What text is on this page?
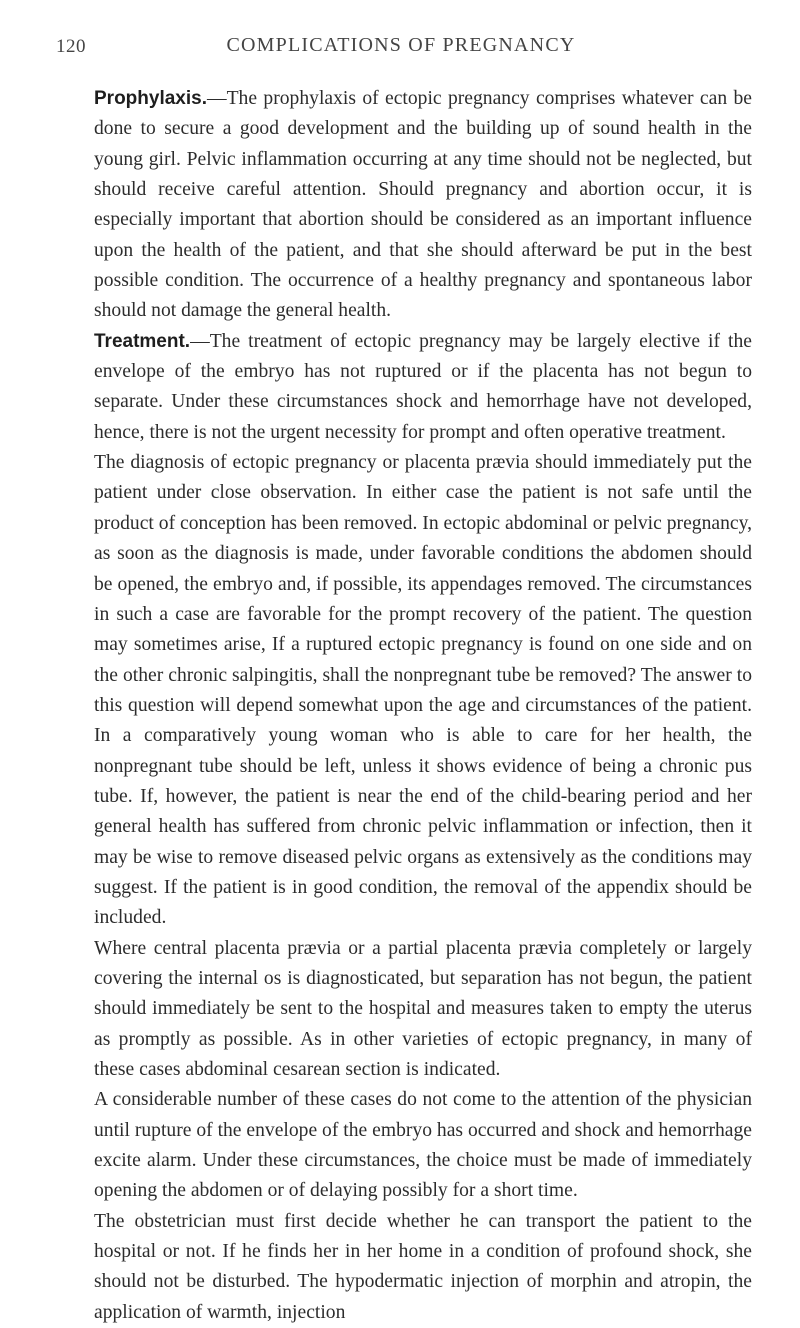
120	COMPLICATIONS OF PREGNANCY

Prophylaxis.—The prophylaxis of ectopic pregnancy comprises whatever can be done to secure a good development and the building up of sound health in the young girl. Pelvic inflammation occurring at any time should not be neglected, but should receive careful attention. Should pregnancy and abortion occur, it is especially important that abortion should be considered as an important influence upon the health of the patient, and that she should afterward be put in the best possible condition. The occurrence of a healthy pregnancy and spontaneous labor should not damage the general health.

Treatment.—The treatment of ectopic pregnancy may be largely elective if the envelope of the embryo has not ruptured or if the placenta has not begun to separate. Under these circumstances shock and hemorrhage have not developed, hence, there is not the urgent necessity for prompt and often operative treatment.

The diagnosis of ectopic pregnancy or placenta prævia should immediately put the patient under close observation. In either case the patient is not safe until the product of conception has been removed. In ectopic abdominal or pelvic pregnancy, as soon as the diagnosis is made, under favorable conditions the abdomen should be opened, the embryo and, if possible, its appendages removed. The circumstances in such a case are favorable for the prompt recovery of the patient. The question may sometimes arise, If a ruptured ectopic pregnancy is found on one side and on the other chronic salpingitis, shall the nonpregnant tube be removed? The answer to this question will depend somewhat upon the age and circumstances of the patient. In a comparatively young woman who is able to care for her health, the nonpregnant tube should be left, unless it shows evidence of being a chronic pus tube. If, however, the patient is near the end of the child-bearing period and her general health has suffered from chronic pelvic inflammation or infection, then it may be wise to remove diseased pelvic organs as extensively as the conditions may suggest. If the patient is in good condition, the removal of the appendix should be included.

Where central placenta prævia or a partial placenta prævia completely or largely covering the internal os is diagnosticated, but separation has not begun, the patient should immediately be sent to the hospital and measures taken to empty the uterus as promptly as possible. As in other varieties of ectopic pregnancy, in many of these cases abdominal cesarean section is indicated.

A considerable number of these cases do not come to the attention of the physician until rupture of the envelope of the embryo has occurred and shock and hemorrhage excite alarm. Under these circumstances, the choice must be made of immediately opening the abdomen or of delaying possibly for a short time.

The obstetrician must first decide whether he can transport the patient to the hospital or not. If he finds her in her home in a condition of profound shock, she should not be disturbed. The hypodermatic injection of morphin and atropin, the application of warmth, injection
